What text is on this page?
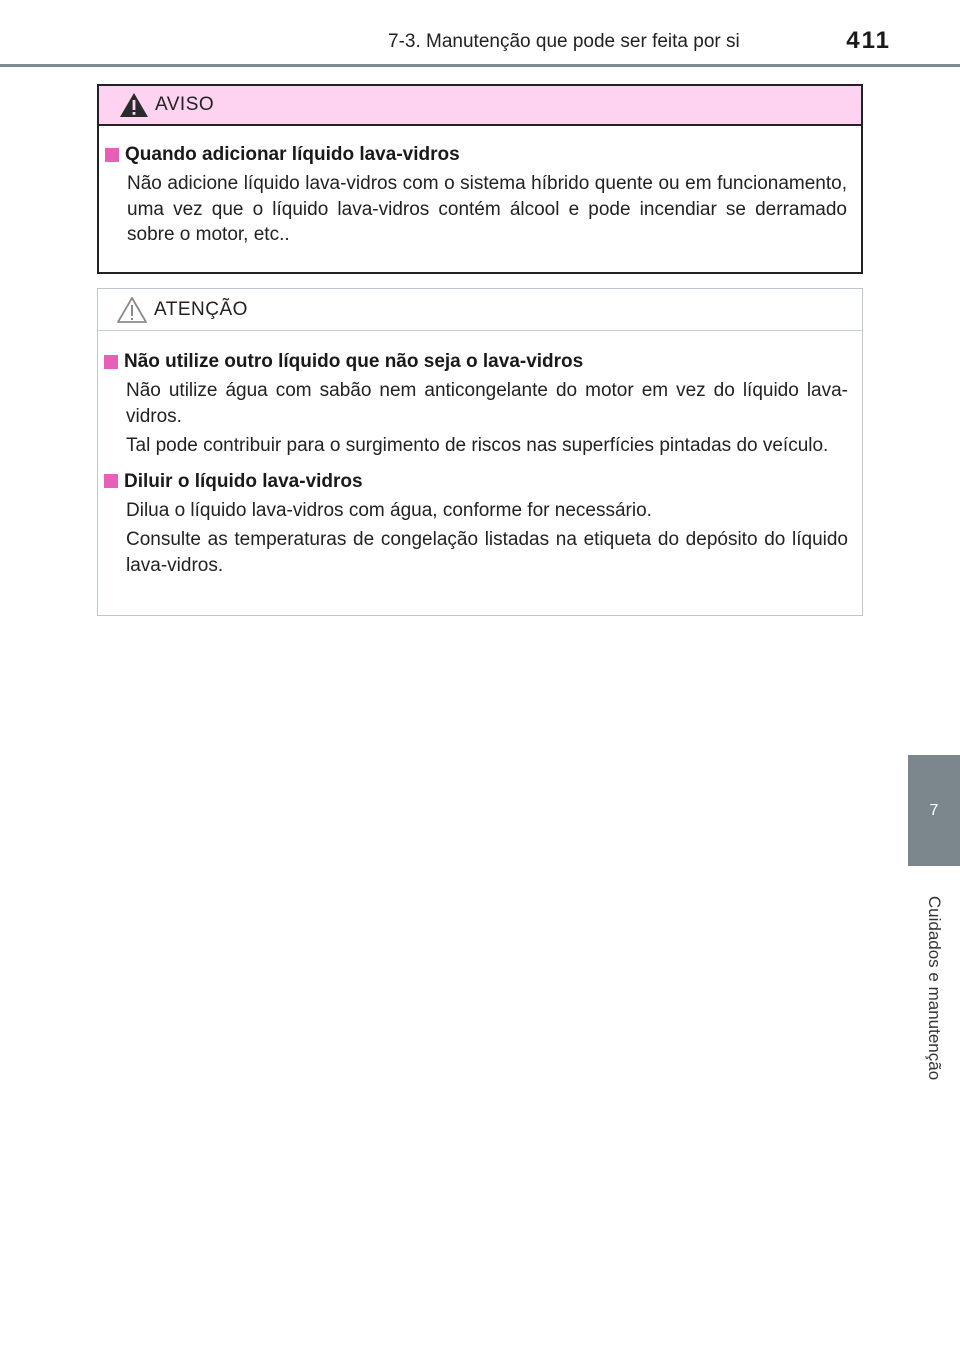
7-3. Manutenção que pode ser feita por si	411
7
Cuidados e manutenção
AVISO
Quando adicionar líquido lava-vidros

Não adicione líquido lava-vidros com o sistema híbrido quente ou em funcionamento, uma vez que o líquido lava-vidros contém álcool e pode incendiar se derramado sobre o motor, etc..

ATENÇÃO
Não utilize outro líquido que não seja o lava-vidros

Não utilize água com sabão nem anticongelante do motor em vez do líquido lava-vidros.

Tal pode contribuir para o surgimento de riscos nas superfícies pintadas do veículo.

Diluir o líquido lava-vidros

Dilua o líquido lava-vidros com água, conforme for necessário.

Consulte as temperaturas de congelação listadas na etiqueta do depósito do líquido lava-vidros.
